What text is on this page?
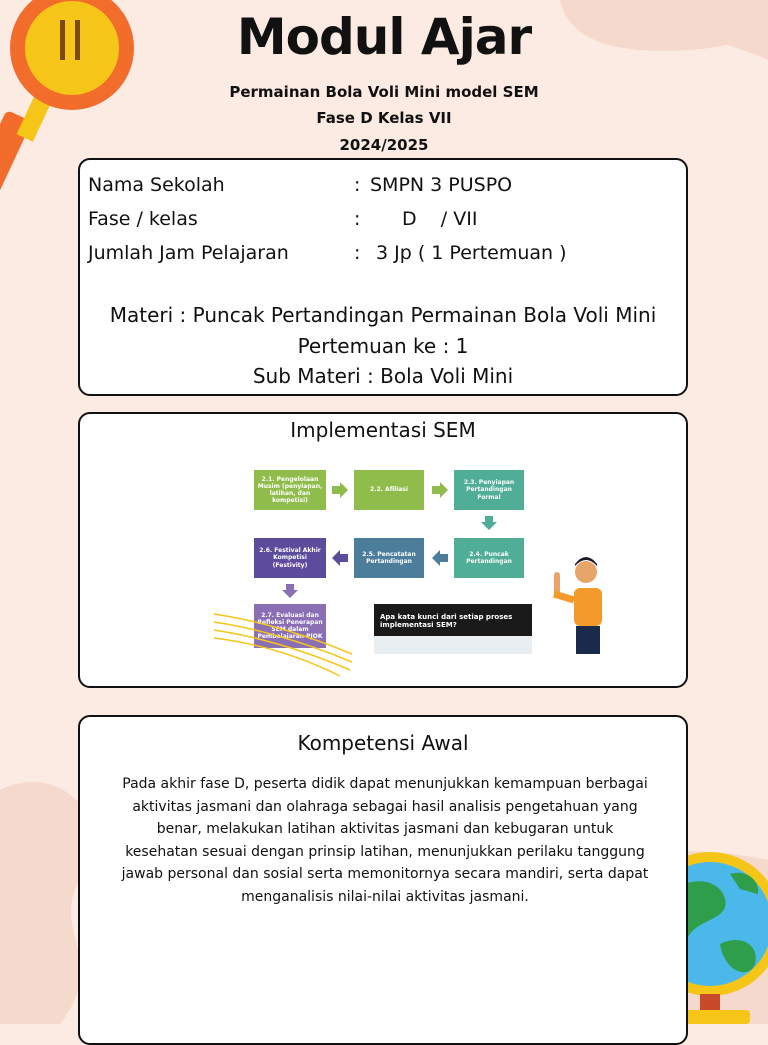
Modul Ajar
Permainan Bola Voli Mini model SEM
Fase D Kelas VII
2024/2025
Nama Sekolah	: SMPN 3 PUSPO
Fase / kelas	: D    / VII
Jumlah Jam Pelajaran	: 3 Jp ( 1 Pertemuan )
Materi : Puncak Pertandingan Permainan Bola Voli Mini
Pertemuan ke : 1
Sub Materi : Bola Voli Mini
Implementasi SEM
2.1. Pengelolaan Musim (penyiapan, latihan, dan kompetisi)
2.2. Afiliasi
2.3. Penyiapan Pertandingan Formal
2.4. Puncak Pertandingan
2.5. Pencatatan Pertandingan
2.6. Festival Akhir Kompetisi (Festivity)
2.7. Evaluasi dan Refleksi Penerapan SEM dalam Pembelajaran PJOK
Apa kata kunci dari setiap proses implementasi SEM?
Kompetensi Awal
Pada akhir fase D, peserta didik dapat menunjukkan kemampuan berbagai aktivitas jasmani dan olahraga sebagai hasil analisis pengetahuan yang benar, melakukan latihan aktivitas jasmani dan kebugaran untuk kesehatan sesuai dengan prinsip latihan, menunjukkan perilaku tanggung jawab personal dan sosial serta memonitornya secara mandiri, serta dapat menganalisis nilai-nilai aktivitas jasmani.
